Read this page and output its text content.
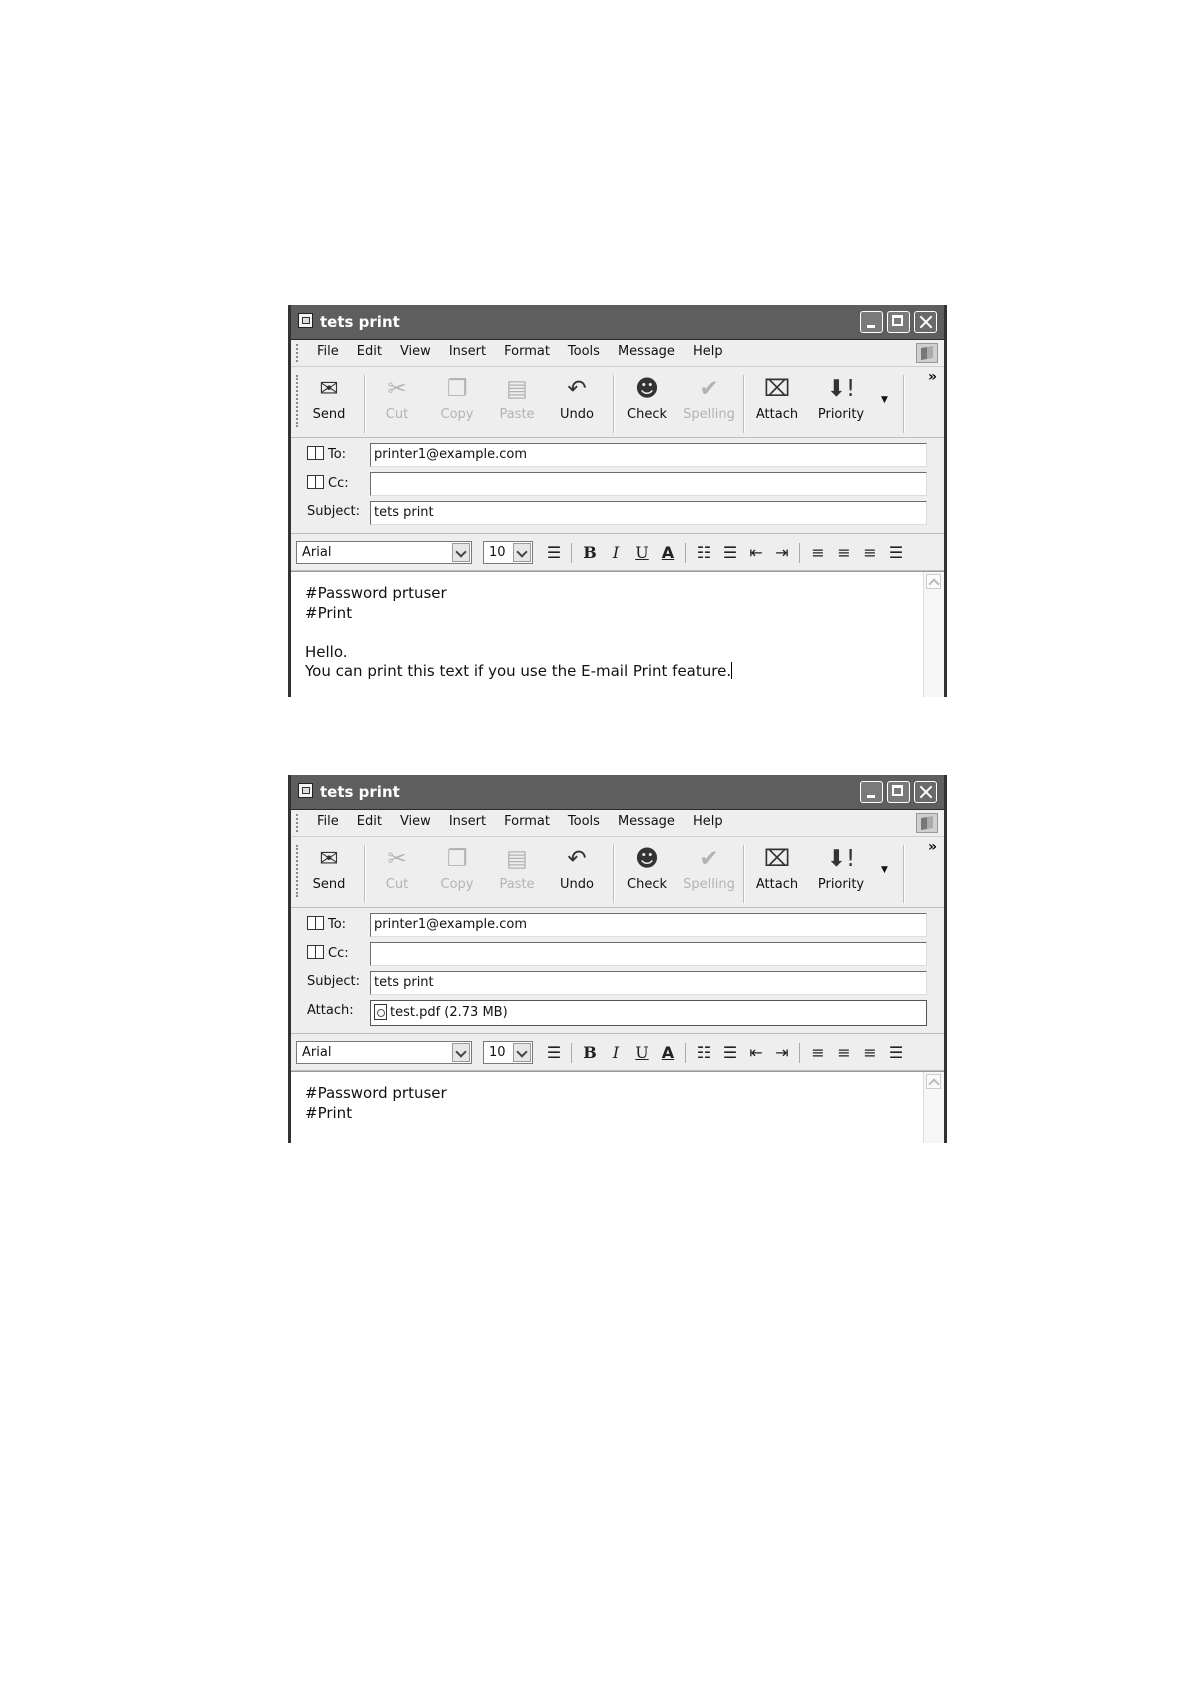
tets print
File Edit View Insert Format Tools Message Help
✉
Send
✂
Cut
❐
Copy
▤
Paste
↶
Undo
☻
Check
✔
Spelling
⌧
Attach
⬇!
Priority
▼
»
To:	printer1@example.com
Cc:
Subject:	tets print
Arial	10	☰ B	I	U A	☷ ☰ ⇤ ⇥ ≡ ≡ ≡ ☰
#Password prtuser
#Print

Hello.
You can print this text if you use the E-mail Print feature.
tets print
File Edit View Insert Format Tools Message Help
✉
Send
✂
Cut
❐
Copy
▤
Paste
↶
Undo
☻
Check
✔
Spelling
⌧
Attach
⬇!
Priority
▼
»
To:	printer1@example.com
Cc:
Subject:	tets print
Attach:	test.pdf (2.73 MB)
Arial	10	☰ B	I	U A	☷ ☰ ⇤ ⇥ ≡ ≡ ≡ ☰
#Password prtuser
#Print
